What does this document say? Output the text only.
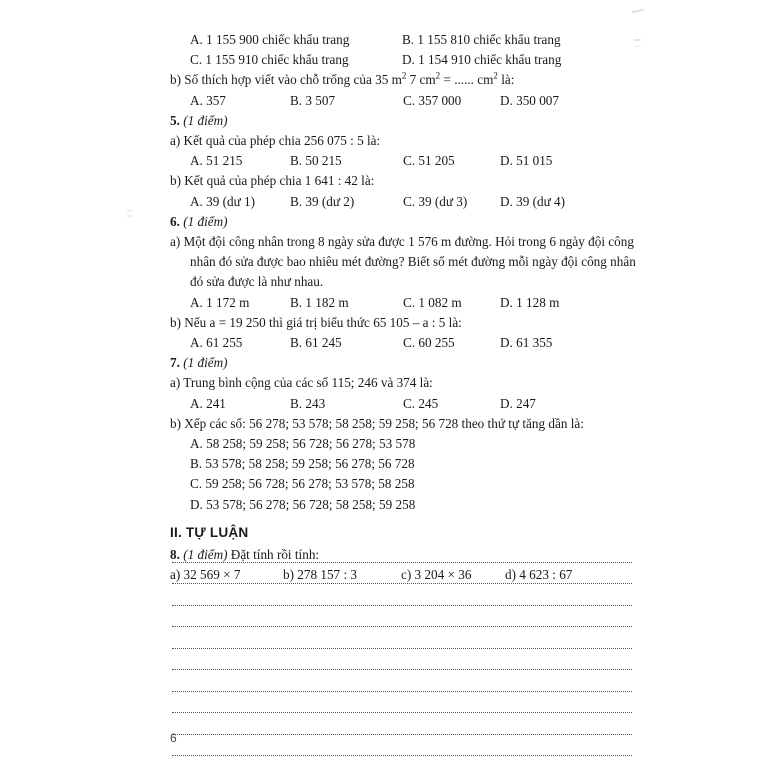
A. 1 155 900 chiếc khẩu trang	B. 1 155 810 chiếc khẩu trang
C. 1 155 910 chiếc khẩu trang	D. 1 154 910 chiếc khẩu trang
b) Số thích hợp viết vào chỗ trống của 35 $m^2$ 7 $cm^2$ = ...... $cm^2$ là:
A. 357	B. 3 507	C. 357 000	D. 350 007
5. (1 điểm)
a) Kết quả của phép chia 256 075 : 5 là:
A. 51 215	B. 50 215	C. 51 205	D. 51 015
b) Kết quả của phép chia 1 641 : 42 là:
A. 39 (dư 1)	B. 39 (dư 2)	C. 39 (dư 3) D. 39 (dư 4)
6. (1 điểm)
a) Một đội công nhân trong 8 ngày sửa được 1 576 m đường. Hỏi trong 6 ngày đội công nhân đó sửa được bao nhiêu mét đường? Biết số mét đường mỗi ngày đội công nhân đó sửa được là như nhau.
A. 1 172 m	B. 1 182 m	C. 1 082 m	D. 1 128 m
b) Nếu a = 19 250 thì giá trị biểu thức 65 105 – a : 5 là:
A. 61 255	B. 61 245	C. 60 255	D. 61 355
7. (1 điểm)
a) Trung bình cộng của các số 115; 246 và 374 là:
A. 241	B. 243	C. 245	D. 247
b) Xếp các số: 56 278; 53 578; 58 258; 59 258; 56 728 theo thứ tự tăng dần là:
A. 58 258; 59 258; 56 728; 56 278; 53 578
B. 53 578; 58 258; 59 258; 56 278; 56 728
C. 59 258; 56 728; 56 278; 53 578; 58 258
D. 53 578; 56 278; 56 728; 58 258; 59 258
II. TỰ LUẬN
8. (1 điểm) Đặt tính rồi tính:
a) 32 569 × 7	b) 278 157 : 3	c) 3 204 × 36	d) 4 623 : 67
6
